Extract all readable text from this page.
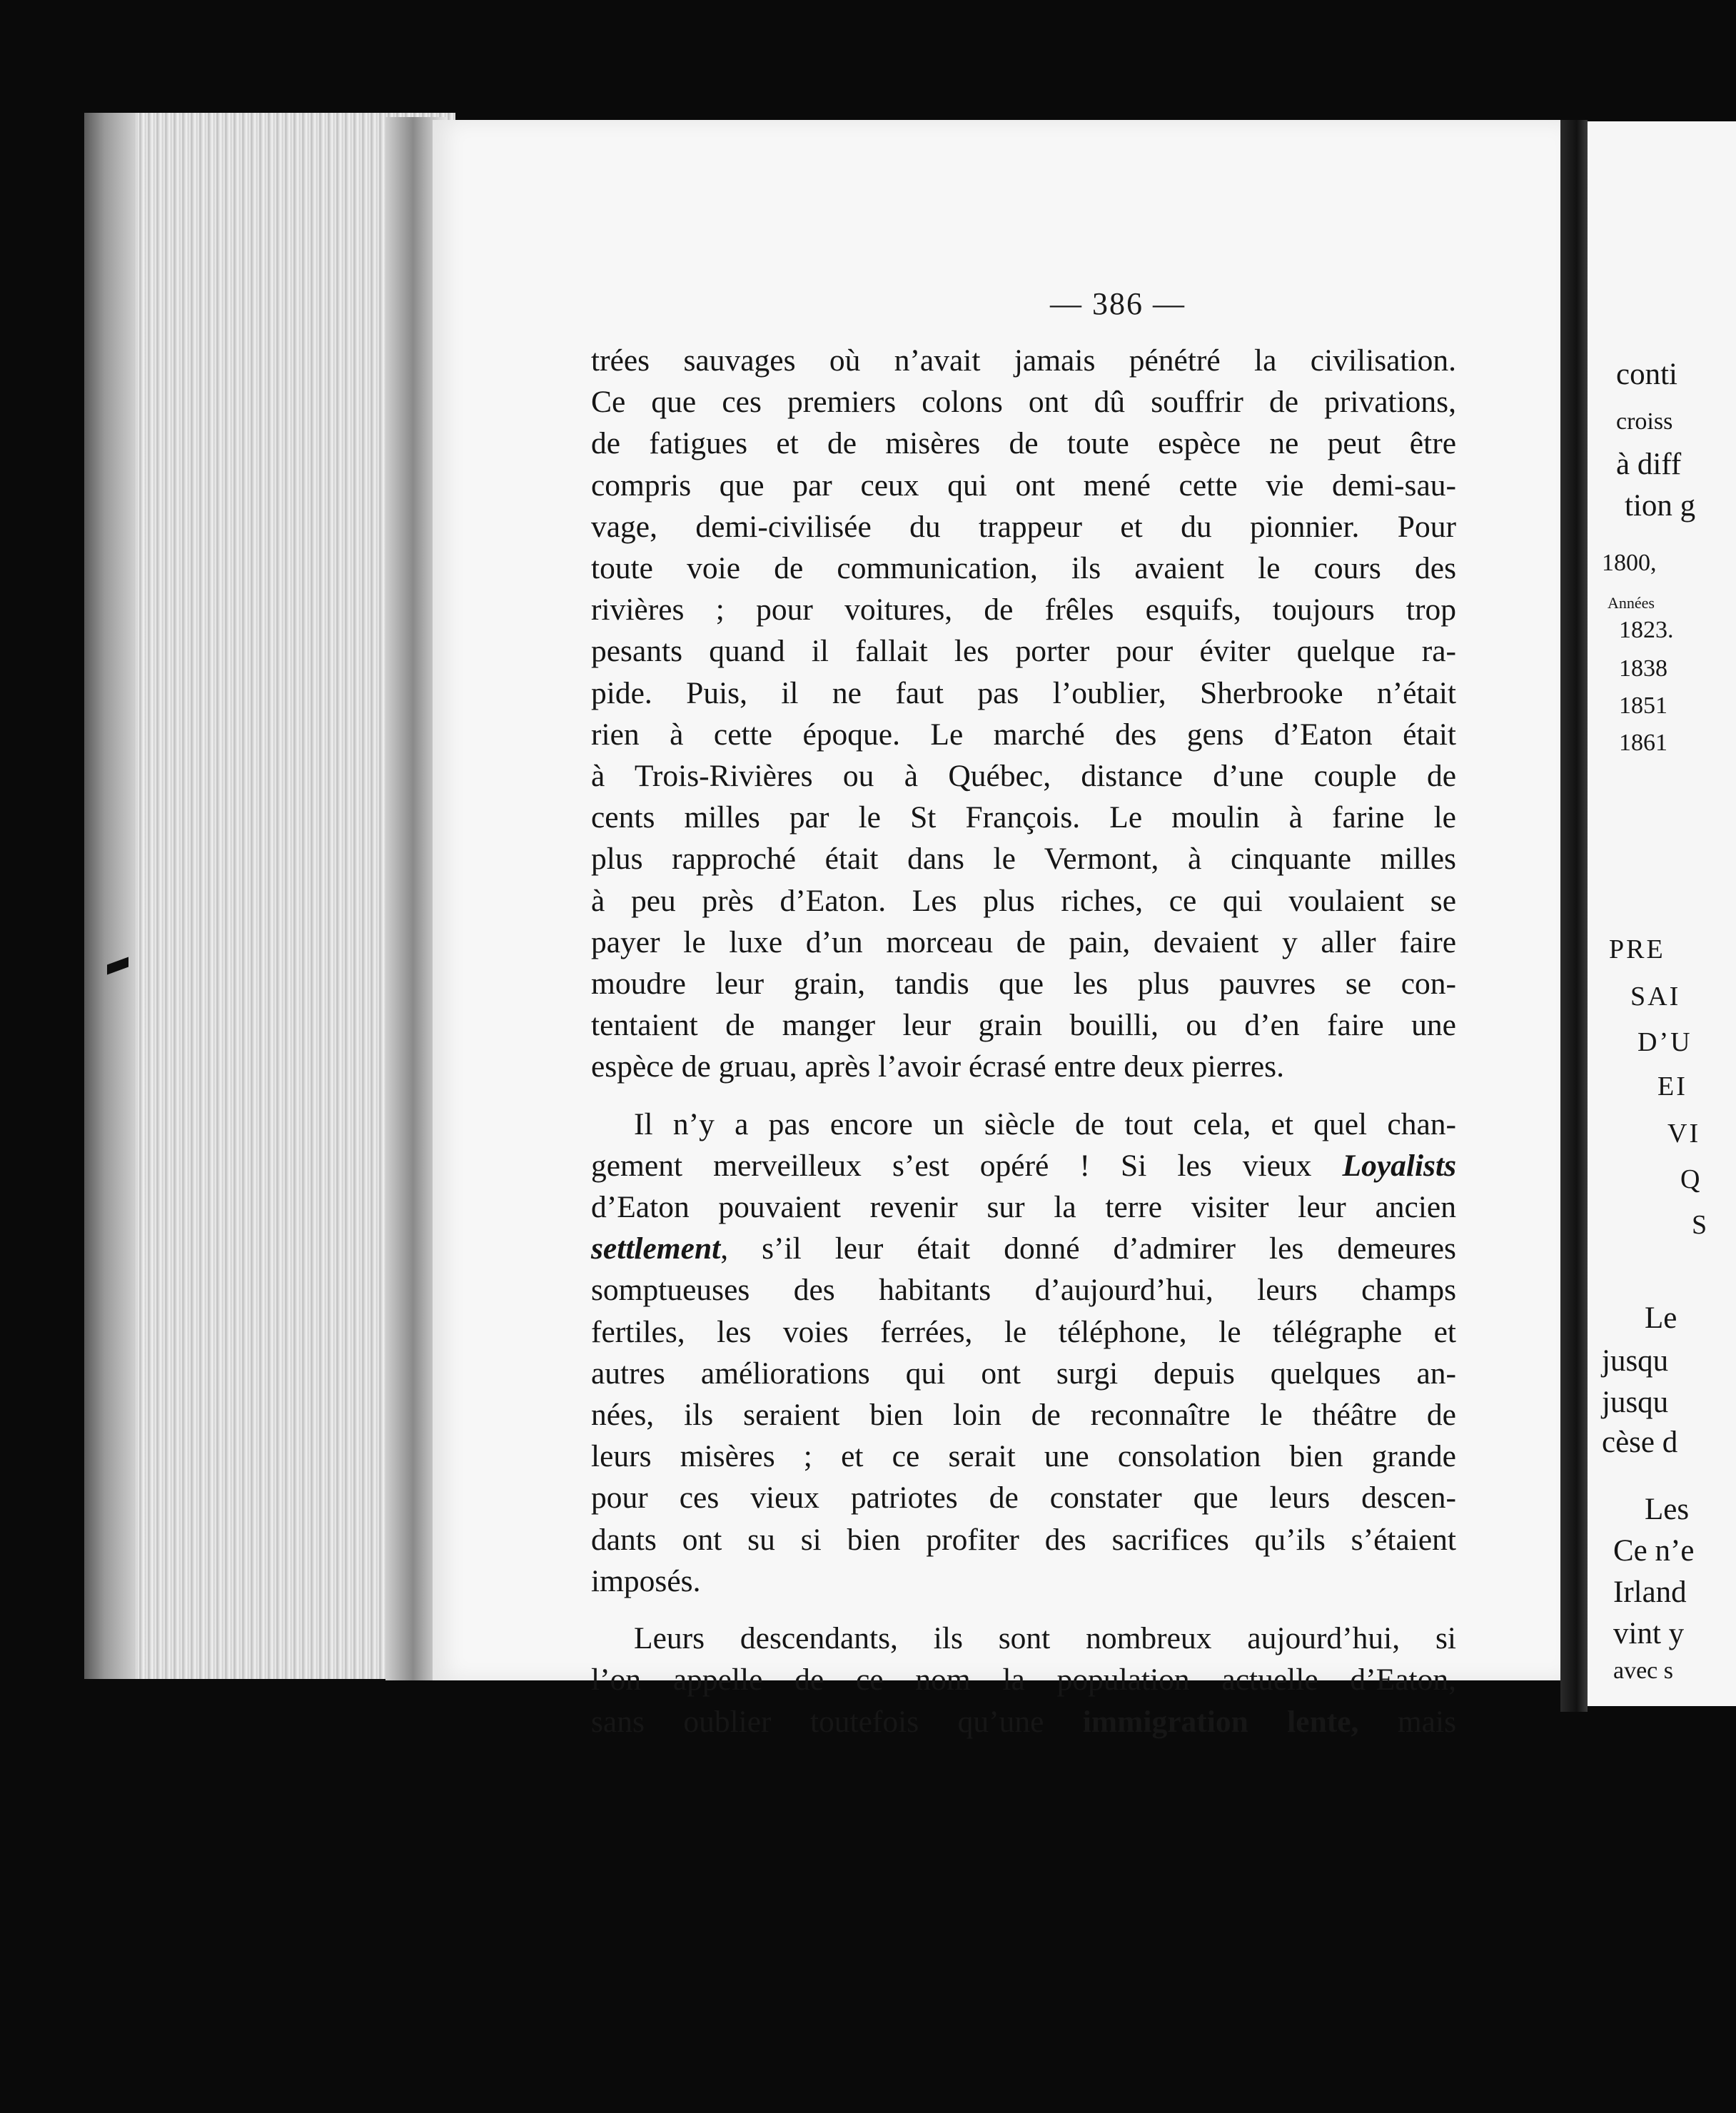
— 386 —
trées sauvages où n’avait jamais pénétré la civilisation.
Ce que ces premiers colons ont dû souffrir de privations,
de fatigues et de misères de toute espèce ne peut être
compris que par ceux qui ont mené cette vie demi-sau-
vage, demi-civilisée du trappeur et du pionnier. Pour
toute voie de communication, ils avaient le cours des
rivières ; pour voitures, de frêles esquifs, toujours trop
pesants quand il fallait les porter pour éviter quelque ra-
pide. Puis, il ne faut pas l’oublier, Sherbrooke n’était
rien à cette époque. Le marché des gens d’Eaton était
à Trois-Rivières ou à Québec, distance d’une couple de
cents milles par le St François. Le moulin à farine le
plus rapproché était dans le Vermont, à cinquante milles
à peu près d’Eaton. Les plus riches, ce qui voulaient se
payer le luxe d’un morceau de pain, devaient y aller faire
moudre leur grain, tandis que les plus pauvres se con-
tentaient de manger leur grain bouilli, ou d’en faire une
espèce de gruau, après l’avoir écrasé entre deux pierres.
Il n’y a pas encore un siècle de tout cela, et quel chan-
gement merveilleux s’est opéré ! Si les vieux Loyalists
d’Eaton pouvaient revenir sur la terre visiter leur ancien
settlement, s’il leur était donné d’admirer les demeures
somptueuses des habitants d’aujourd’hui, leurs champs
fertiles, les voies ferrées, le téléphone, le télégraphe et
autres améliorations qui ont surgi depuis quelques an-
nées, ils seraient bien loin de reconnaître le théâtre de
leurs misères ; et ce serait une consolation bien grande
pour ces vieux patriotes de constater que leurs descen-
dants ont su si bien profiter des sacrifices qu’ils s’étaient
imposés.
Leurs descendants, ils sont nombreux aujourd’hui, si
l’on appelle de ce nom la population actuelle d’Eaton,
sans oublier toutefois qu’une immigration lente, mais
conti
croiss
à diff
tion g
1800,
Années
1823.
1838
1851
1861
PRE
SAI
D’U
EI
VI
Q
S
Le
jusqu
jusqu
cèse d
Les
Ce n’e
Irland
vint y
avec s
